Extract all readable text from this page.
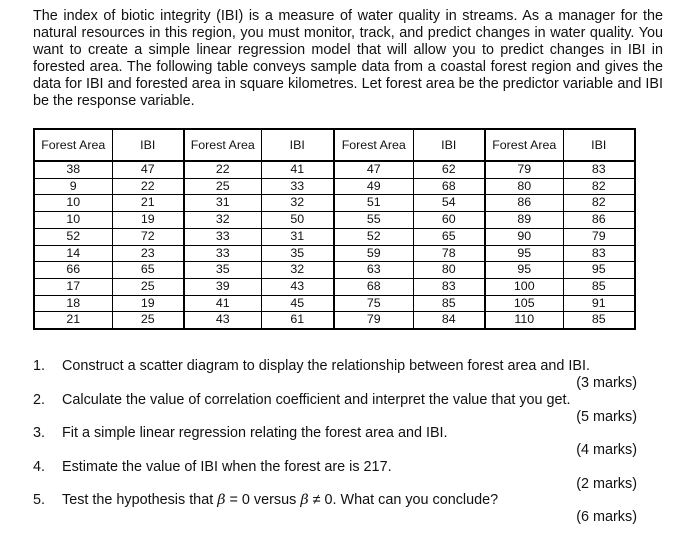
The index of biotic integrity (IBI) is a measure of water quality in streams. As a manager for the natural resources in this region, you must monitor, track, and predict changes in water quality. You want to create a simple linear regression model that will allow you to predict changes in IBI in forested area. The following table conveys sample data from a coastal forest region and gives the data for IBI and forested area in square kilometres. Let forest area be the predictor variable and IBI be the response variable.

Forest Area	IBI	Forest Area	IBI	Forest Area	IBI	Forest Area	IBI
38	47	22	41	47	62	79	83
9	22	25	33	49	68	80	82
10	21	31	32	51	54	86	82
10	19	32	50	55	60	89	86
52	72	33	31	52	65	90	79
14	23	33	35	59	78	95	83
66	65	35	32	63	80	95	95
17	25	39	43	68	83	100	85
18	19	41	45	75	85	105	91
21	25	43	61	79	84	110	85
1. Construct a scatter diagram to display the relationship between forest area and IBI.
(3 marks)
2. Calculate the value of correlation coefficient and interpret the value that you get.
(5 marks)
3. Fit a simple linear regression relating the forest area and IBI.
(4 marks)
4. Estimate the value of IBI when the forest are is 217.
(2 marks)
5. Test the hypothesis that β = 0 versus β ≠ 0. What can you conclude?
(6 marks)
